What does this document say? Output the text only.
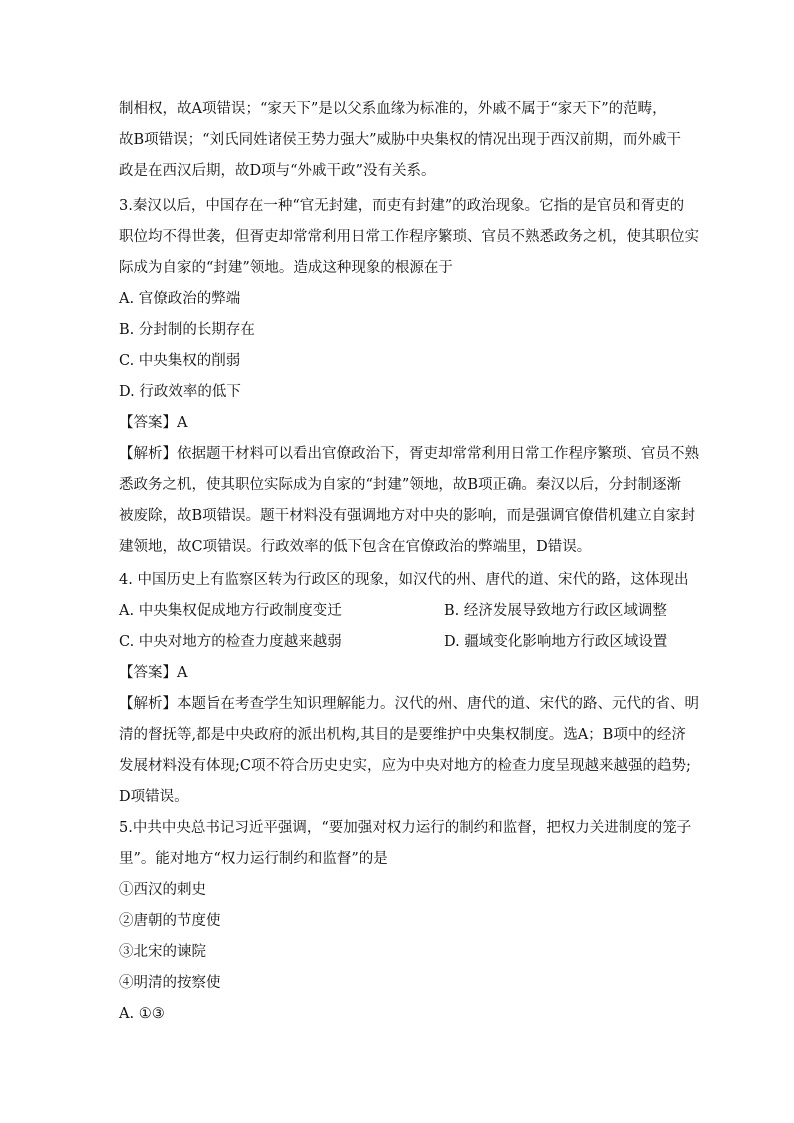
制相权，故A项错误；“家天下”是以父系血缘为标准的，外戚不属于“家天下”的范畴，
故B项错误；“刘氏同姓诸侯王势力强大”威胁中央集权的情况出现于西汉前期，而外戚干
政是在西汉后期，故D项与“外戚干政”没有关系。
3.秦汉以后，中国存在一种“官无封建，而吏有封建”的政治现象。它指的是官员和胥吏的
职位均不得世袭，但胥吏却常常利用日常工作程序繁琐、官员不熟悉政务之机，使其职位实
际成为自家的“封建”领地。造成这种现象的根源在于
A. 官僚政治的弊端
B. 分封制的长期存在
C. 中央集权的削弱
D. 行政效率的低下
【答案】A
【解析】依据题干材料可以看出官僚政治下，胥吏却常常利用日常工作程序繁琐、官员不熟
悉政务之机，使其职位实际成为自家的“封建”领地，故B项正确。秦汉以后，分封制逐渐
被废除，故B项错误。题干材料没有强调地方对中央的影响，而是强调官僚借机建立自家封
建领地，故C项错误。行政效率的低下包含在官僚政治的弊端里，D错误。
4. 中国历史上有监察区转为行政区的现象，如汉代的州、唐代的道、宋代的路，这体现出
A. 中央集权促成地方行政制度变迁	B. 经济发展导致地方行政区域调整
C. 中央对地方的检查力度越来越弱	D. 疆域变化影响地方行政区域设置
【答案】A
【解析】本题旨在考查学生知识理解能力。汉代的州、唐代的道、宋代的路、元代的省、明
清的督抚等,都是中央政府的派出机构,其目的是要维护中央集权制度。选A；B项中的经济
发展材料没有体现;C项不符合历史史实，应为中央对地方的检查力度呈现越来越强的趋势;
D项错误。
5.中共中央总书记习近平强调，“要加强对权力运行的制约和监督，把权力关进制度的笼子
里”。能对地方“权力运行制约和监督”的是
①西汉的刺史
②唐朝的节度使
③北宋的谏院
④明清的按察使
A. ①③
